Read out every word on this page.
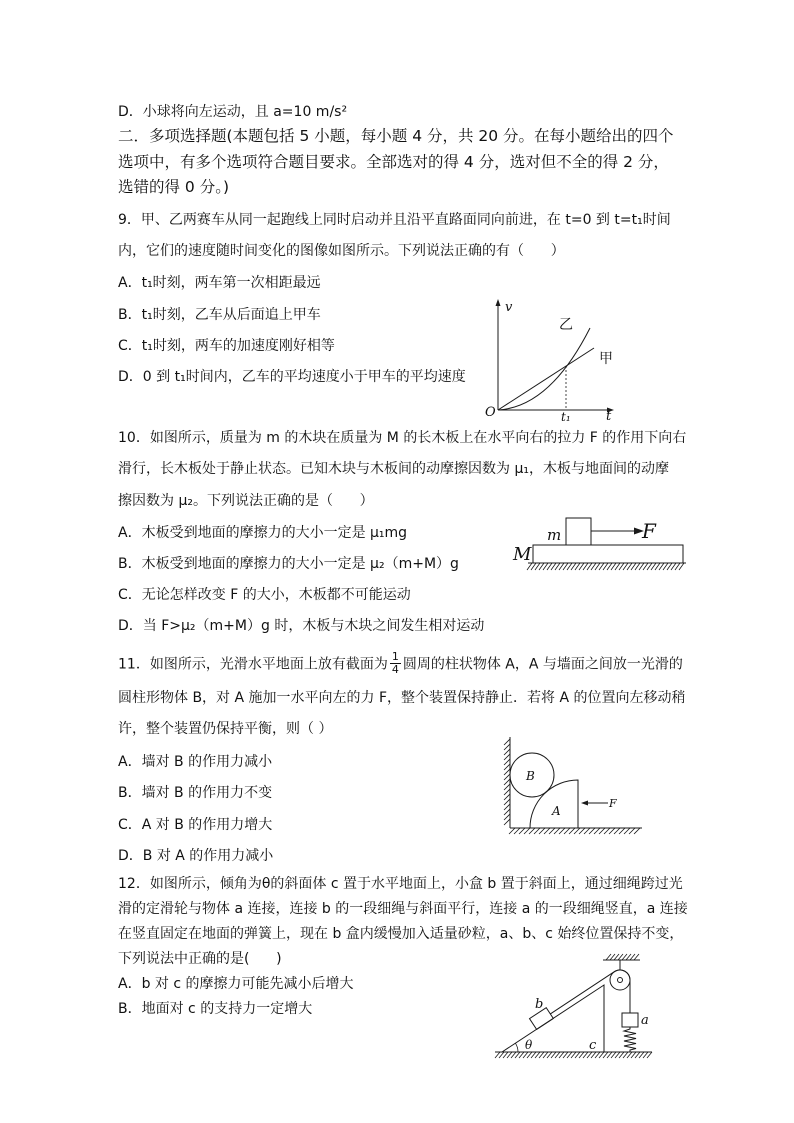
D．小球将向左运动，且 a=10 m/s²
二．多项选择题(本题包括 5 小题，每小题 4 分，共 20 分。在每小题给出的四个
选项中，有多个选项符合题目要求。全部选对的得 4 分，选对但不全的得 2 分，
选错的得 0 分。)
9．甲、乙两赛车从同一起跑线上同时启动并且沿平直路面同向前进，在 t=0 到 t=t₁时间
内，它们的速度随时间变化的图像如图所示。下列说法正确的有（      ）
A．t₁时刻，两车第一次相距最远
B．t₁时刻，乙车从后面追上甲车
C．t₁时刻，两车的加速度刚好相等
D．0 到 t₁时间内，乙车的平均速度小于甲车的平均速度
v
t
O	t₁
乙
甲
10．如图所示，质量为 m 的木块在质量为 M 的长木板上在水平向右的拉力 F 的作用下向右
滑行，长木板处于静止状态。已知木块与木板间的动摩擦因数为 μ₁，木板与地面间的动摩
擦因数为 μ₂。下列说法正确的是（      ）
A．木板受到地面的摩擦力的大小一定是 μ₁mg
B．木板受到地面的摩擦力的大小一定是 μ₂（m+M）g
C．无论怎样改变 F 的大小，木板都不可能运动
D．当 F>μ₂（m+M）g 时，木板与木块之间发生相对运动
m	F
M
11．如图所示，光滑水平地面上放有截面为 $\frac{1}{4}$ 圆周的柱状物体 A，A 与墙面之间放一光滑的
圆柱形物体 B，对 A 施加一水平向左的力 F，整个装置保持静止．若将 A 的位置向左移动稍
许，整个装置仍保持平衡，则（ ）
A．墙对 B 的作用力减小
B．墙对 B 的作用力不变
C．A 对 B 的作用力增大
D．B 对 A 的作用力减小
B
A
F
12．如图所示，倾角为θ的斜面体 c 置于水平地面上，小盒 b 置于斜面上，通过细绳跨过光
滑的定滑轮与物体 a 连接，连接 b 的一段细绳与斜面平行，连接 a 的一段细绳竖直，a 连接
在竖直固定在地面的弹簧上，现在 b 盒内缓慢加入适量砂粒，a、b、c 始终位置保持不变，
下列说法中正确的是(      )
A．b 对 c 的摩擦力可能先减小后增大
B．地面对 c 的支持力一定增大	b
a
c
θ
